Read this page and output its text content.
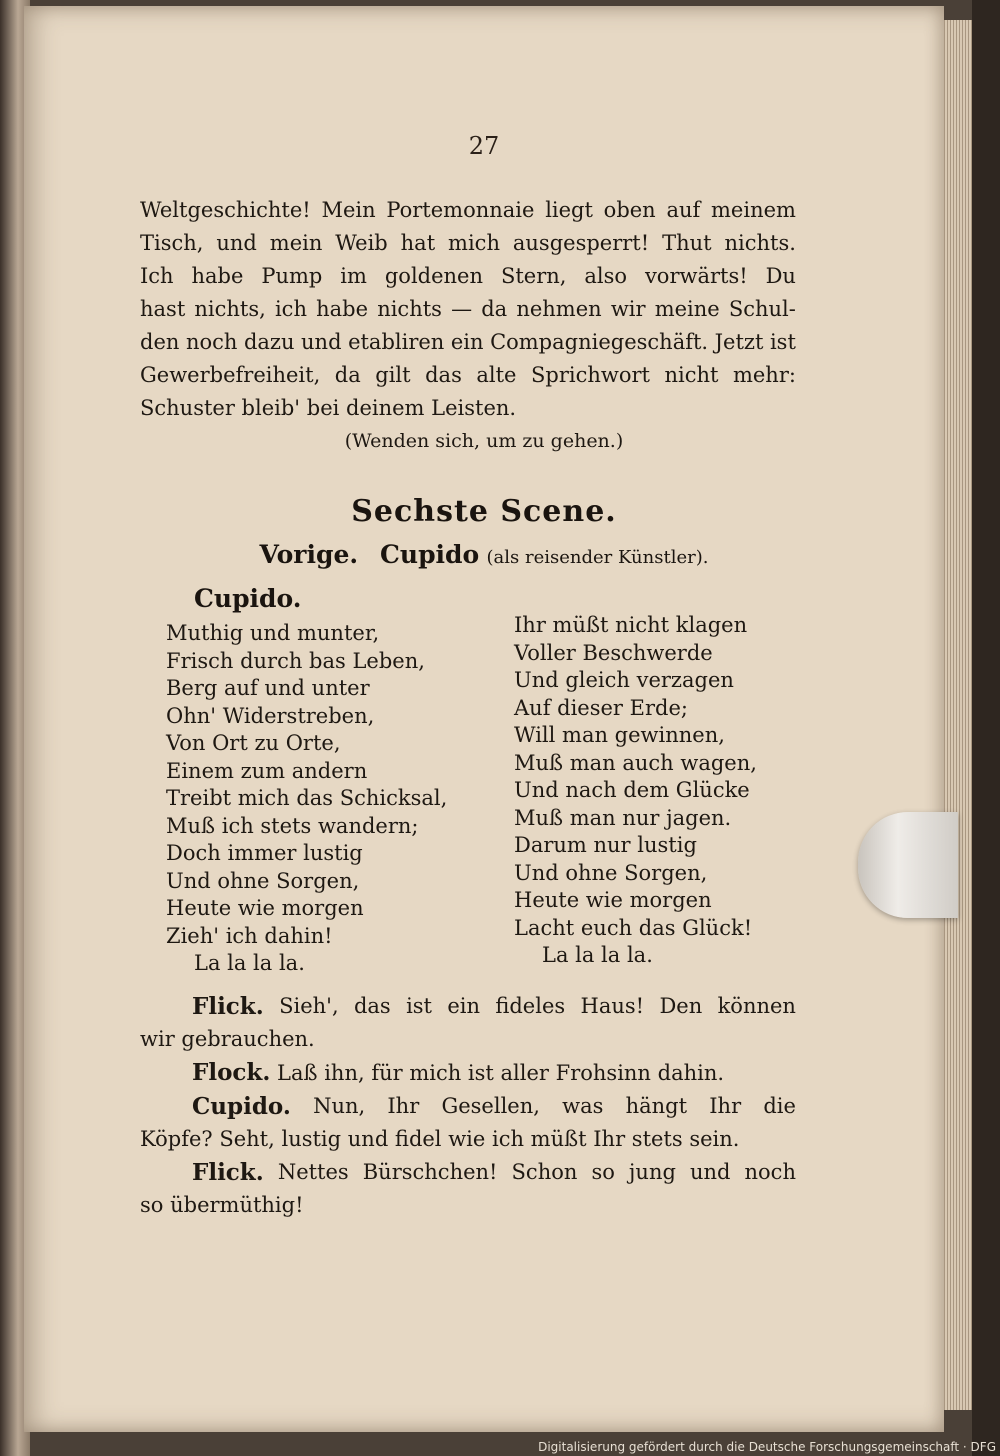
27
Weltgeschichte! Mein Portemonnaie liegt oben auf meinem
Tisch, und mein Weib hat mich ausgesperrt! Thut nichts.
Ich habe Pump im goldenen Stern, also vorwärts! Du
hast nichts, ich habe nichts — da nehmen wir meine Schul-
den noch dazu und etabliren ein Compagniegeschäft. Jetzt ist
Gewerbefreiheit, da gilt das alte Sprichwort nicht mehr:
Schuster bleib' bei deinem Leisten.
(Wenden sich, um zu gehen.)
Sechste Scene.
Vorige. Cupido (als reisender Künstler).
Cupido.
Muthig und munter,
Frisch durch bas Leben,
Berg auf und unter
Ohn' Widerstreben,
Von Ort zu Orte,
Einem zum andern
Treibt mich das Schicksal,
Muß ich stets wandern;
Doch immer lustig
Und ohne Sorgen,
Heute wie morgen
Zieh' ich dahin!
La la la la.
Ihr müßt nicht klagen
Voller Beschwerde
Und gleich verzagen
Auf dieser Erde;
Will man gewinnen,
Muß man auch wagen,
Und nach dem Glücke
Muß man nur jagen.
Darum nur lustig
Und ohne Sorgen,
Heute wie morgen
Lacht euch das Glück!
La la la la.
Flick. Sieh', das ist ein fideles Haus! Den können
wir gebrauchen.
Flock. Laß ihn, für mich ist aller Frohsinn dahin.
Cupido. Nun, Ihr Gesellen, was hängt Ihr die
Köpfe? Seht, lustig und fidel wie ich müßt Ihr stets sein.
Flick. Nettes Bürschchen! Schon so jung und noch
so übermüthig!
Digitalisierung gefördert durch die Deutsche Forschungsgemeinschaft · DFG
